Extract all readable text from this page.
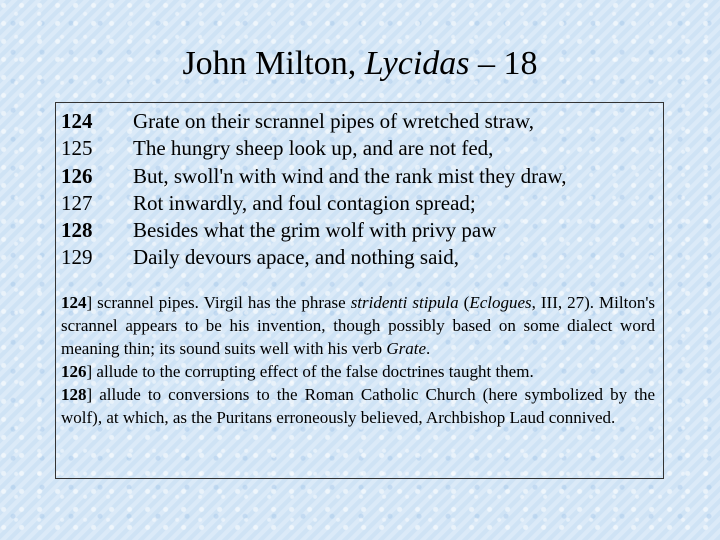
John Milton, Lycidas – 18
124	Grate on their scrannel pipes of wretched straw,
125	The hungry sheep look up, and are not fed,
126	But, swoll'n with wind and the rank mist they draw,
127	Rot inwardly, and foul contagion spread;
128	Besides what the grim wolf with privy paw
129	Daily devours apace, and nothing said,

124] scrannel pipes. Virgil has the phrase stridenti stipula (Eclogues, III, 27). Milton's scrannel appears to be his invention, though possibly based on some dialect word meaning thin; its sound suits well with his verb Grate.

126] allude to the corrupting effect of the false doctrines taught them.

128] allude to conversions to the Roman Catholic Church (here symbolized by the wolf), at which, as the Puritans erroneously believed, Archbishop Laud connived.
